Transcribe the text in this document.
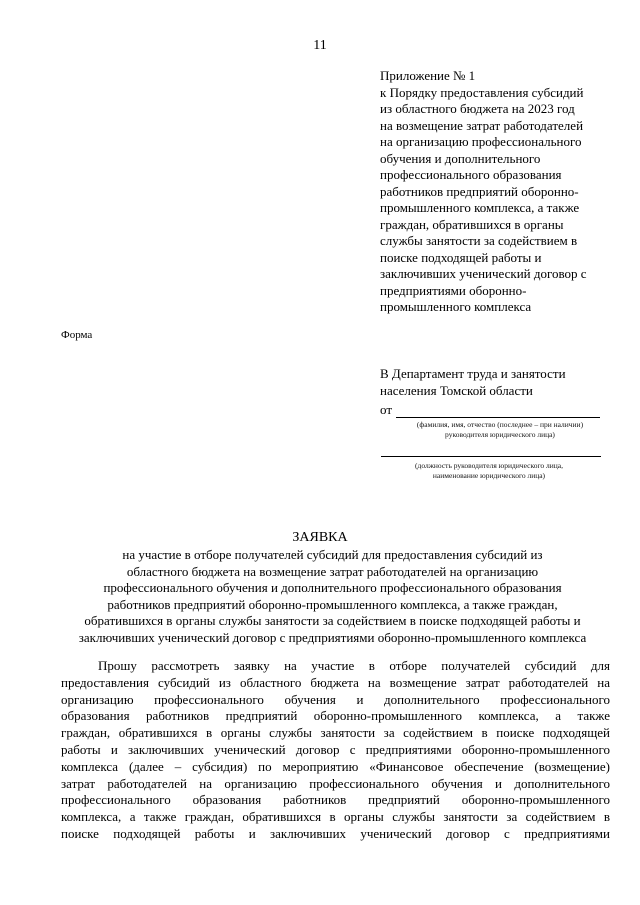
11
Приложение № 1
к Порядку предоставления субсидий
из областного бюджета на 2023 год
на возмещение затрат работодателей
на организацию профессионального
обучения и дополнительного
профессионального образования
работников предприятий оборонно-
промышленного комплекса, а также
граждан, обратившихся в органы
службы занятости за содействием в
поиске подходящей работы и
заключивших ученический договор с
предприятиями оборонно-
промышленного комплекса
Форма
В Департамент труда и занятости
населения Томской области
от
(фамилия, имя, отчество (последнее – при наличии)
руководителя юридического лица)
(должность руководителя юридического лица,
наименование юридического лица)
ЗАЯВКА
на участие в отборе получателей субсидий для предоставления субсидий из
областного бюджета на возмещение затрат работодателей на организацию
профессионального обучения и дополнительного профессионального образования
работников предприятий оборонно-промышленного комплекса, а также граждан,
обратившихся в органы службы занятости за содействием в поиске подходящей работы и
заключивших ученический договор с предприятиями оборонно-промышленного комплекса
Прошу рассмотреть заявку на участие в отборе получателей субсидий для
предоставления субсидий из областного бюджета на возмещение затрат работодателей на
организацию профессионального обучения и дополнительного профессионального
образования работников предприятий оборонно-промышленного комплекса, а также
граждан, обратившихся в органы службы занятости за содействием в поиске подходящей
работы и заключивших ученический договор с предприятиями оборонно-промышленного
комплекса (далее – субсидия) по мероприятию «Финансовое обеспечение (возмещение)
затрат работодателей на организацию профессионального обучения и дополнительного
профессионального образования работников предприятий оборонно-промышленного
комплекса, а также граждан, обратившихся в органы службы занятости за содействием в
поиске подходящей работы и заключивших ученический договор с предприятиями
